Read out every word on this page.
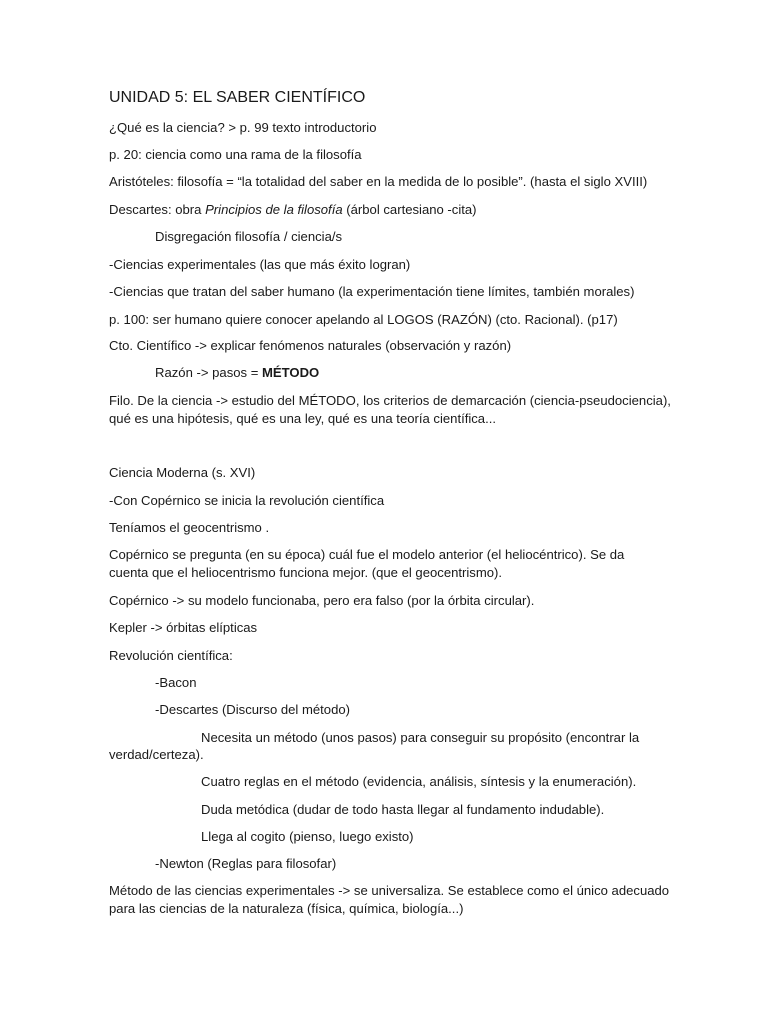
UNIDAD 5: EL SABER CIENTÍFICO

¿Qué es la ciencia? > p. 99 texto introductorio

p. 20: ciencia como una rama de la filosofía

Aristóteles: filosofía = “la totalidad del saber en la medida de lo posible”. (hasta el siglo XVIII)

Descartes: obra Principios de la filosofía (árbol cartesiano -cita)

Disgregación filosofía / ciencia/s

-Ciencias experimentales (las que más éxito logran)

-Ciencias que tratan del saber humano (la experimentación tiene límites, también morales)

p. 100: ser humano quiere conocer apelando al LOGOS (RAZÓN) (cto. Racional). (p17)

Cto. Científico -> explicar fenómenos naturales (observación y razón)

Razón -> pasos = MÉTODO

Filo. De la ciencia -> estudio del MÉTODO, los criterios de demarcación (ciencia-pseudociencia),

qué es una hipótesis, qué es una ley, qué es una teoría científica...

Ciencia Moderna (s. XVI)

-Con Copérnico se inicia la revolución científica

Teníamos el geocentrismo .

Copérnico se pregunta (en su época) cuál fue el modelo anterior (el heliocéntrico). Se da

cuenta que el heliocentrismo funciona mejor. (que el geocentrismo).

Copérnico -> su modelo funcionaba, pero era falso (por la órbita circular).

Kepler -> órbitas elípticas

Revolución científica:

-Bacon

-Descartes (Discurso del método)

Necesita un método (unos pasos) para conseguir su propósito (encontrar la

verdad/certeza).

Cuatro reglas en el método (evidencia, análisis, síntesis y la enumeración).

Duda metódica (dudar de todo hasta llegar al fundamento indudable).

Llega al cogito (pienso, luego existo)

-Newton (Reglas para filosofar)

Método de las ciencias experimentales -> se universaliza. Se establece como el único adecuado

para las ciencias de la naturaleza (física, química, biología...)
